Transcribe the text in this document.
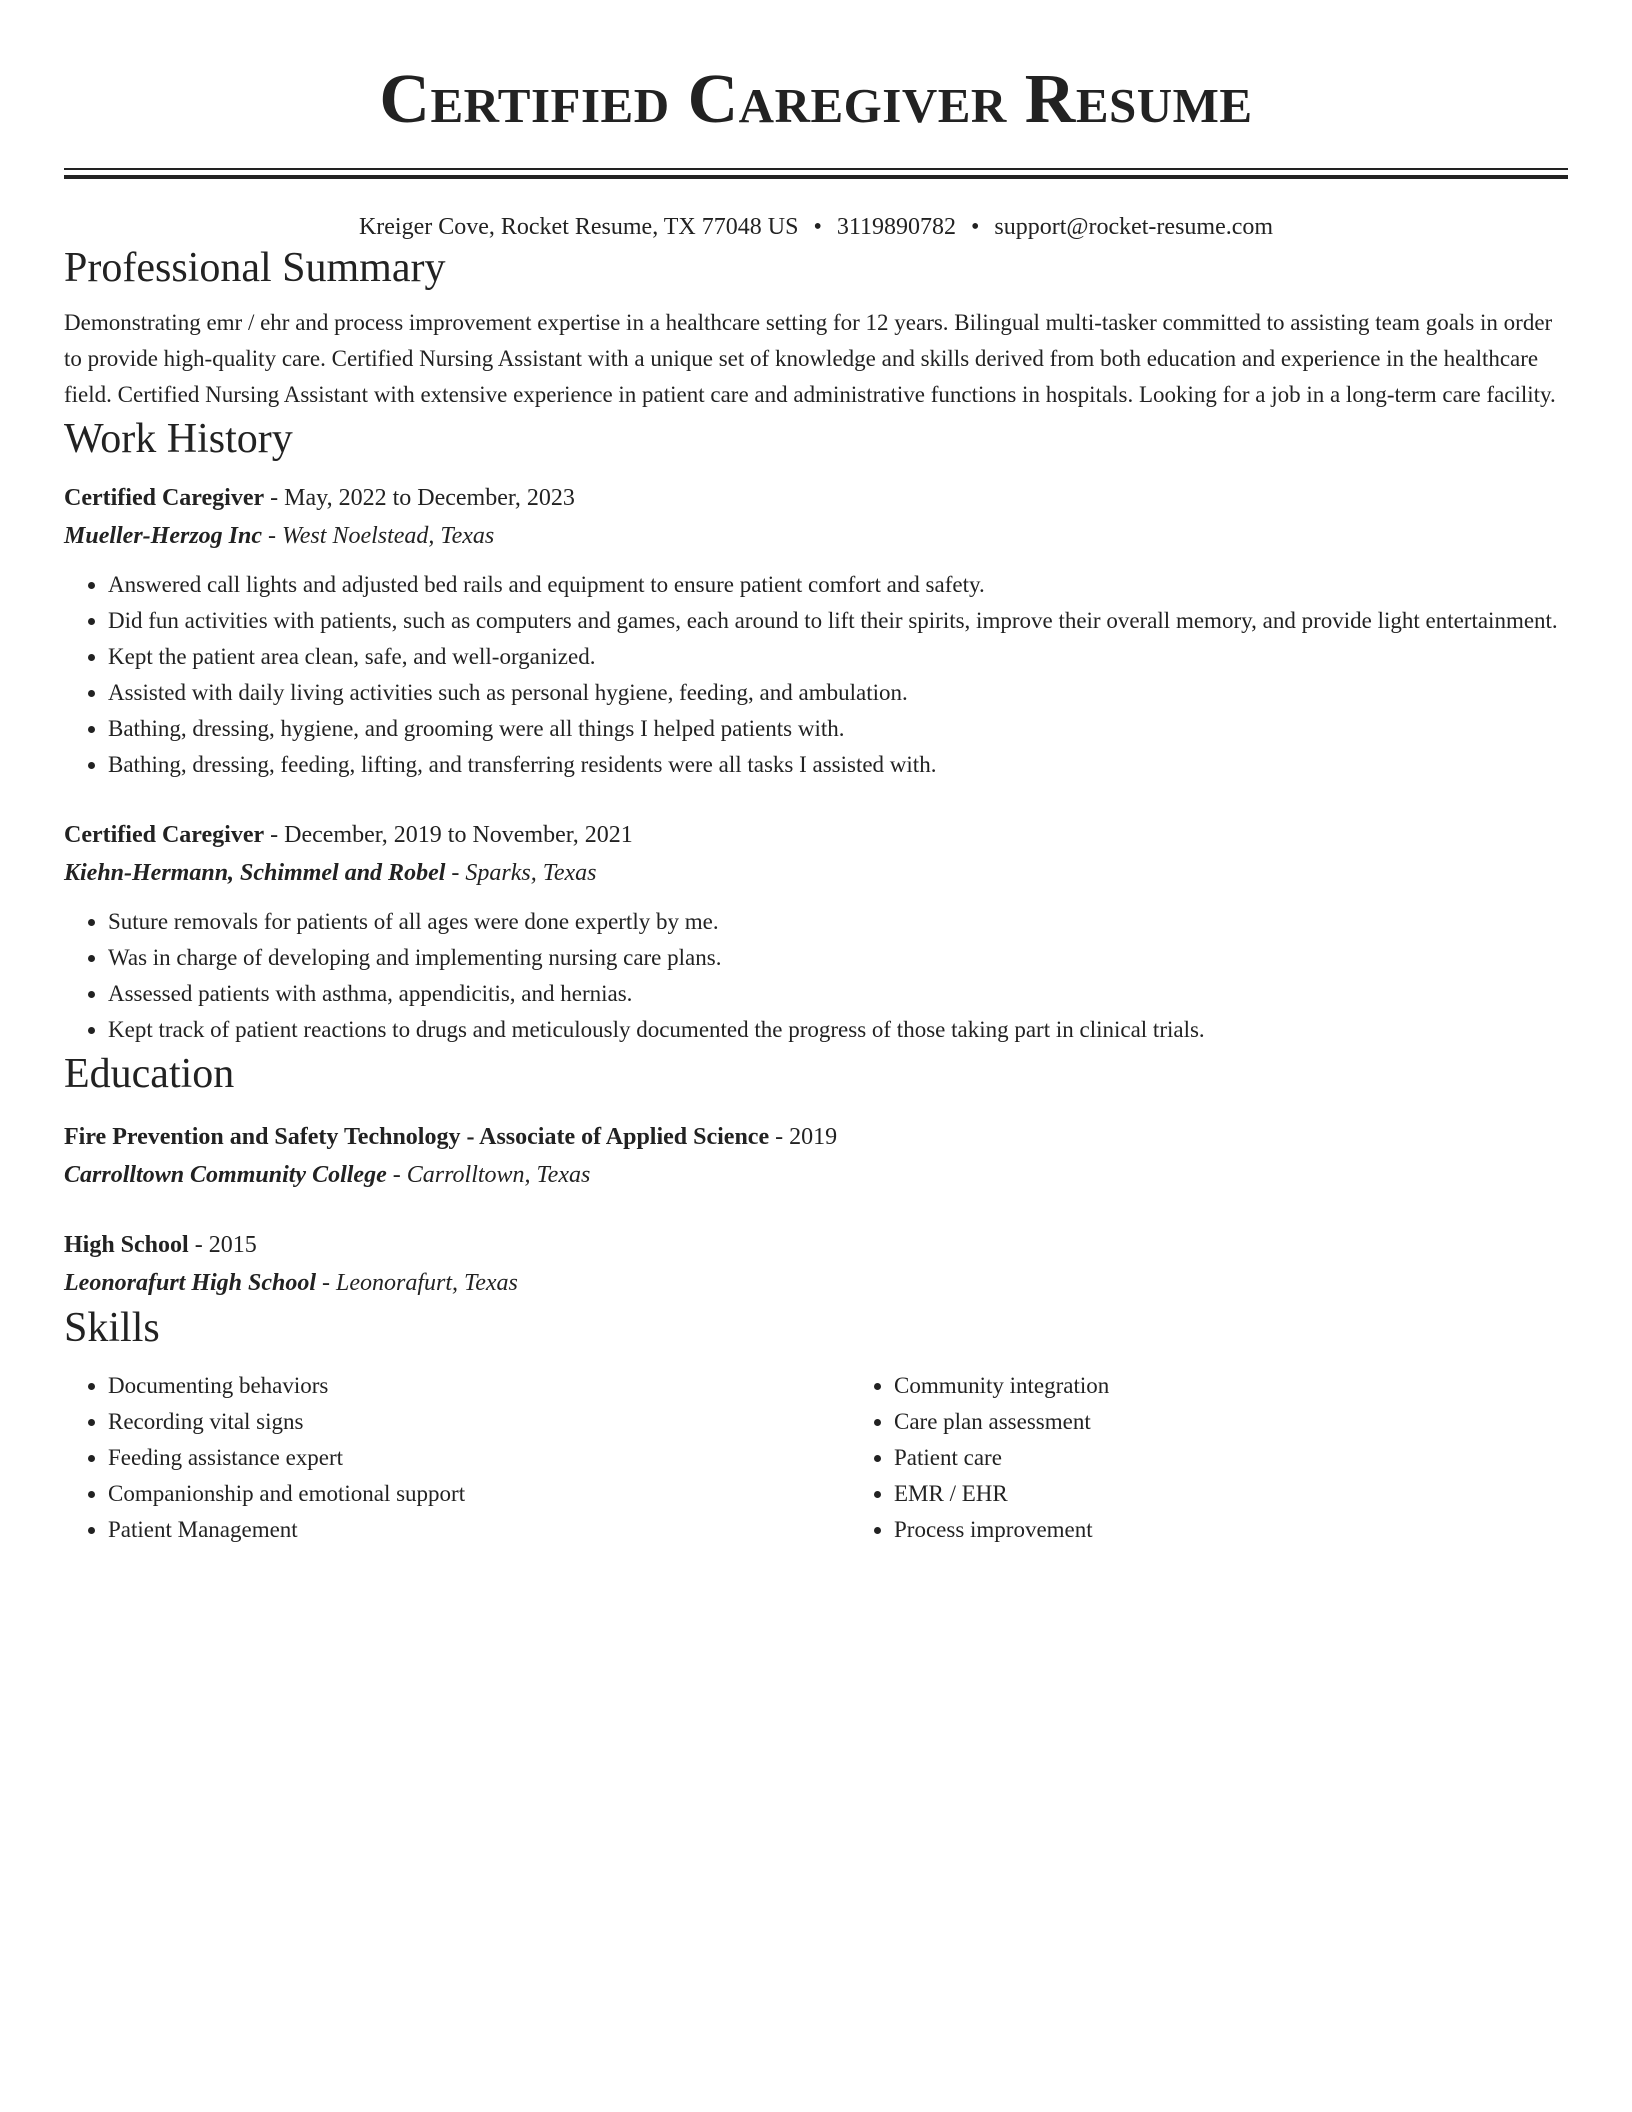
Certified Caregiver Resume
Kreiger Cove, Rocket Resume, TX 77048 US • 3119890782 • support@rocket-resume.com
Professional Summary

Demonstrating emr / ehr and process improvement expertise in a healthcare setting for 12 years. Bilingual multi-tasker committed to assisting team goals in order to provide high-quality care. Certified Nursing Assistant with a unique set of knowledge and skills derived from both education and experience in the healthcare field. Certified Nursing Assistant with extensive experience in patient care and administrative functions in hospitals. Looking for a job in a long-term care facility.

Work History
Certified Caregiver - May, 2022 to December, 2023
Mueller-Herzog Inc - West Noelstead, Texas
• Answered call lights and adjusted bed rails and equipment to ensure patient comfort and safety.
• Did fun activities with patients, such as computers and games, each around to lift their spirits, improve their overall memory, and provide light entertainment.
• Kept the patient area clean, safe, and well-organized.
• Assisted with daily living activities such as personal hygiene, feeding, and ambulation.
• Bathing, dressing, hygiene, and grooming were all things I helped patients with.
• Bathing, dressing, feeding, lifting, and transferring residents were all tasks I assisted with.
Certified Caregiver - December, 2019 to November, 2021
Kiehn-Hermann, Schimmel and Robel - Sparks, Texas
• Suture removals for patients of all ages were done expertly by me.
• Was in charge of developing and implementing nursing care plans.
• Assessed patients with asthma, appendicitis, and hernias.
• Kept track of patient reactions to drugs and meticulously documented the progress of those taking part in clinical trials.
Education
Fire Prevention and Safety Technology - Associate of Applied Science - 2019
Carrolltown Community College - Carrolltown, Texas
High School - 2015
Leonorafurt High School - Leonorafurt, Texas
Skills
• Documenting behaviors
• Recording vital signs
• Feeding assistance expert
• Companionship and emotional support
• Patient Management
• Community integration
• Care plan assessment
• Patient care
• EMR / EHR
• Process improvement
